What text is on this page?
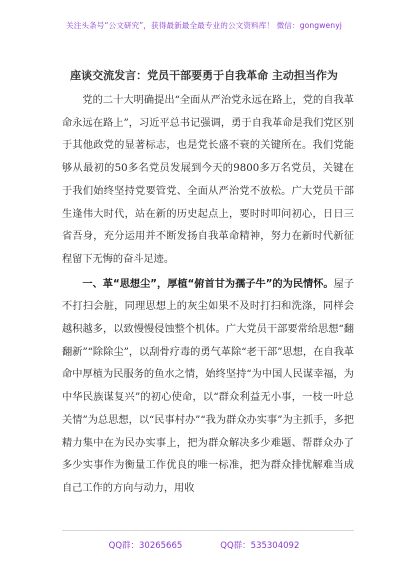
关注头条号“公文研究”，获得最新最全最专业的公文资料库！ 微信：gongwenyj
座谈交流发言：党员干部要勇于自我革命 主动担当作为

党的二十大明确提出“全面从严治党永远在路上，党的自我革命永远在路上”，习近平总书记强调，勇于自我革命是我们党区别于其他政党的显著标志，也是党长盛不衰的关键所在。我们党能够从最初的50多名党员发展到今天的9800多万名党员，关键在于我们始终坚持党要管党、全面从严治党不放松。广大党员干部生逢伟大时代，站在新的历史起点上，要时时叩问初心，日日三省吾身，充分运用并不断发扬自我革命精神，努力在新时代新征程留下无悔的奋斗足迹。

一、革“思想尘”，厚植“俯首甘为孺子牛”的为民情怀。屋子不打扫会脏，同理思想上的灰尘如果不及时打扫和洗涤，同样会越积越多，以致慢慢侵蚀整个机体。广大党员干部要常给思想“翻翻新”“除除尘”，以刮骨疗毒的勇气革除“老干部”思想，在自我革命中厚植为民服务的鱼水之情，始终坚持“为中国人民谋幸福，为中华民族谋复兴”的初心使命，以“群众利益无小事，一枝一叶总关情”为总思想，以“民事村办”“我为群众办实事”为主抓手，多把精力集中在为民办实事上，把为群众解决多少难题、帮群众办了多少实事作为衡量工作优良的唯一标准，把为群众排忧解难当成自己工作的方向与动力，用收

QQ群：30265665	QQ群：535304092
